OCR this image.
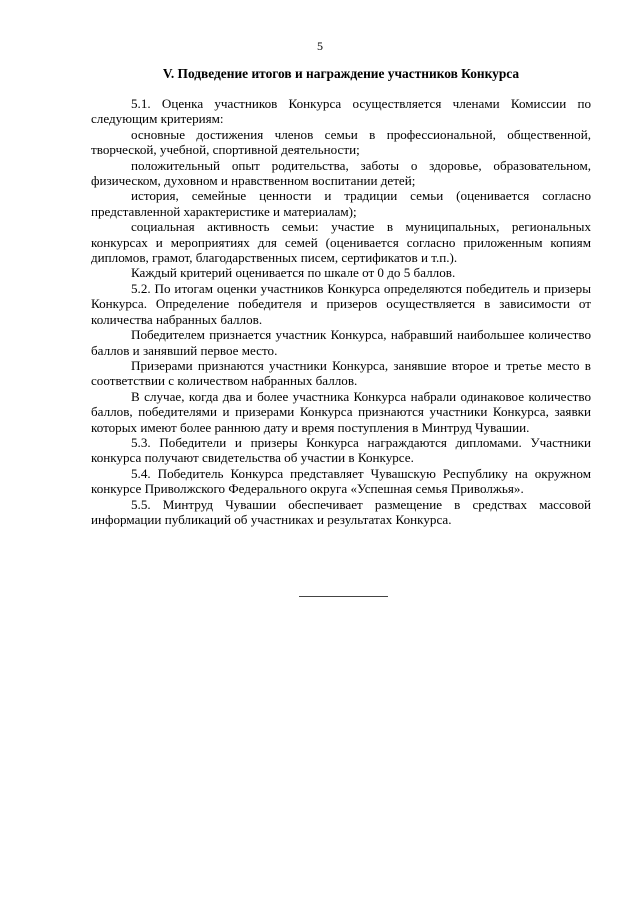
5
V. Подведение итогов и награждение участников Конкурса

5.1. Оценка участников Конкурса осуществляется членами Комиссии по следующим критериям:

основные достижения членов семьи в профессиональной, общественной, творческой, учебной, спортивной деятельности;

положительный опыт родительства, заботы о здоровье, образовательном, физическом, духовном и нравственном воспитании детей;

история, семейные ценности и традиции семьи (оценивается согласно представленной характеристике и материалам);

социальная активность семьи: участие в муниципальных, региональных конкурсах и мероприятиях для семей (оценивается согласно приложенным копиям дипломов, грамот, благодарственных писем, сертификатов и т.п.).

Каждый критерий оценивается по шкале от 0 до 5 баллов.

5.2. По итогам оценки участников Конкурса определяются победитель и призеры Конкурса. Определение победителя и призеров осуществляется в зависимости от количества набранных баллов.

Победителем признается участник Конкурса, набравший наибольшее количество баллов и занявший первое место.

Призерами признаются участники Конкурса, занявшие второе и третье место в соответствии с количеством набранных баллов.

В случае, когда два и более участника Конкурса набрали одинаковое количество баллов, победителями и призерами Конкурса признаются участники Конкурса, заявки которых имеют более раннюю дату и время поступления в Минтруд Чувашии.

5.3. Победители и призеры Конкурса награждаются дипломами. Участники конкурса получают свидетельства об участии в Конкурсе.

5.4. Победитель Конкурса представляет Чувашскую Республику на окружном конкурсе Приволжского Федерального округа «Успешная семья Приволжья».

5.5. Минтруд Чувашии обеспечивает размещение в средствах массовой информации публикаций об участниках и результатах Конкурса.
